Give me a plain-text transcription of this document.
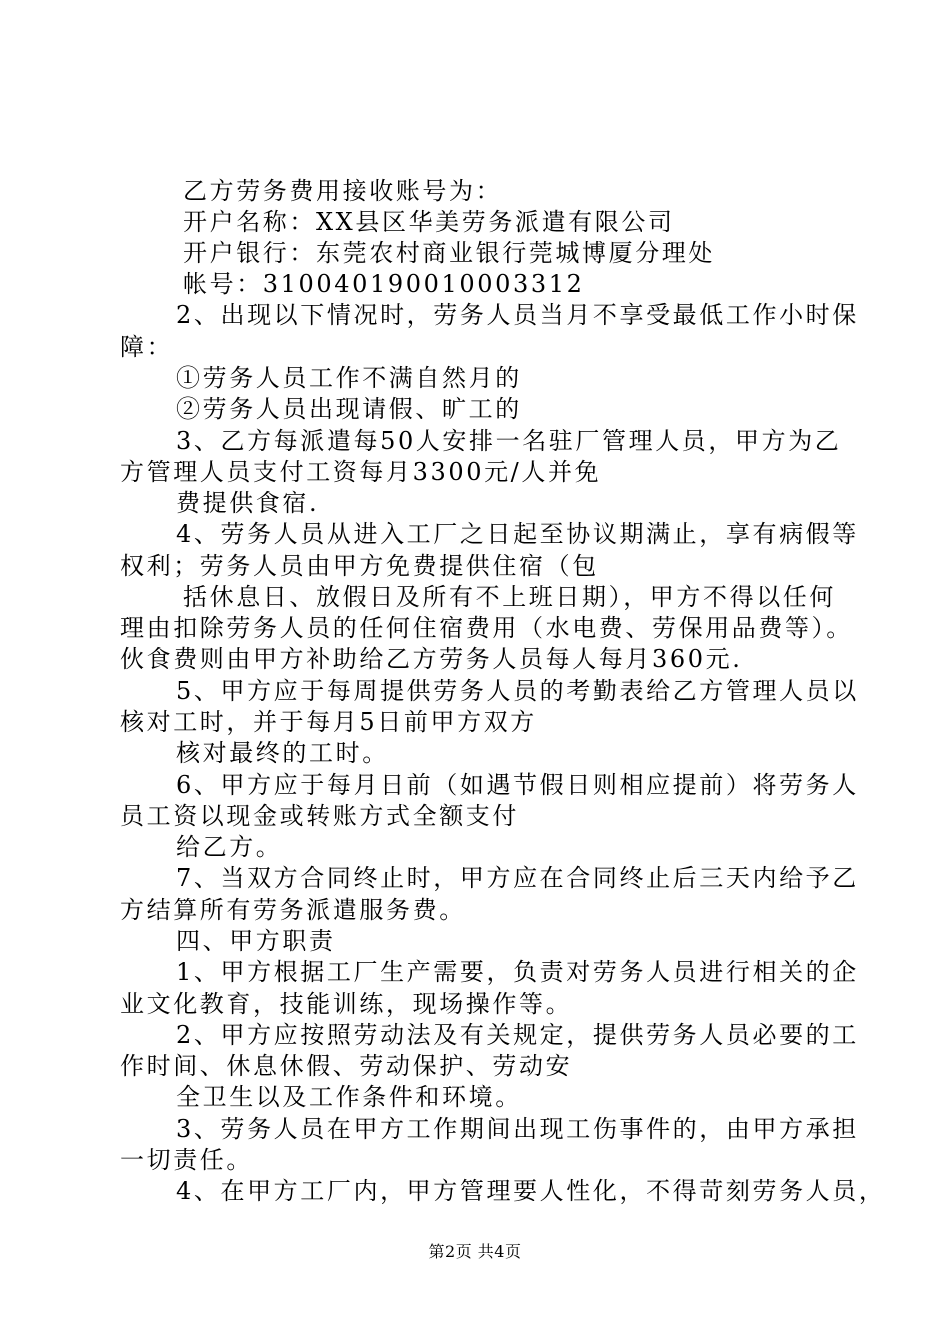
乙方劳务费用接收账号为：
开户名称：XX县区华美劳务派遣有限公司
开户银行：东莞农村商业银行莞城博厦分理处
帐号：310040190010003312
2、出现以下情况时，劳务人员当月不享受最低工作小时保
障：
①劳务人员工作不满自然月的
②劳务人员出现请假、旷工的
3、乙方每派遣每50人安排一名驻厂管理人员，甲方为乙
方管理人员支付工资每月3300元/人并免
费提供食宿.
4、劳务人员从进入工厂之日起至协议期满止，享有病假等
权利；劳务人员由甲方免费提供住宿（包
括休息日、放假日及所有不上班日期），甲方不得以任何
理由扣除劳务人员的任何住宿费用（水电费、劳保用品费等）。
伙食费则由甲方补助给乙方劳务人员每人每月360元.
5、甲方应于每周提供劳务人员的考勤表给乙方管理人员以
核对工时，并于每月5日前甲方双方
核对最终的工时。
6、甲方应于每月日前（如遇节假日则相应提前）将劳务人
员工资以现金或转账方式全额支付
给乙方。
7、当双方合同终止时，甲方应在合同终止后三天内给予乙
方结算所有劳务派遣服务费。
四、甲方职责
1、甲方根据工厂生产需要，负责对劳务人员进行相关的企
业文化教育，技能训练，现场操作等。
2、甲方应按照劳动法及有关规定，提供劳务人员必要的工
作时间、休息休假、劳动保护、劳动安
全卫生以及工作条件和环境。
3、劳务人员在甲方工作期间出现工伤事件的，由甲方承担
一切责任。
4、在甲方工厂内，甲方管理要人性化，不得苛刻劳务人员，
第2页 共4页
